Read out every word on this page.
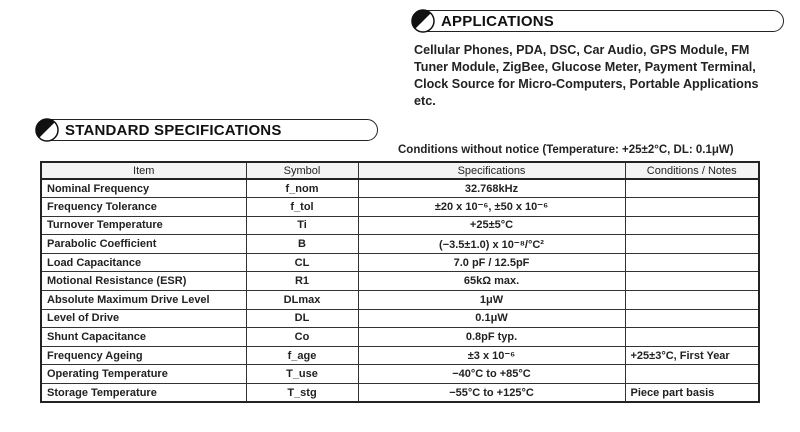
APPLICATIONS
Cellular Phones, PDA, DSC, Car Audio, GPS Module, FM Tuner Module, ZigBee, Glucose Meter, Payment Terminal, Clock Source for Micro-Computers, Portable Applications etc.
STANDARD SPECIFICATIONS
Conditions without notice (Temperature: +25±2°C, DL: 0.1μW)
Item	Symbol	Specifications	Conditions / Notes
Nominal Frequency	f_nom	32.768kHz	
Frequency Tolerance	f_tol	±20 x 10⁻⁶, ±50 x 10⁻⁶	
Turnover Temperature	Ti	+25±5°C	
Parabolic Coefficient	B	(−3.5±1.0) x 10⁻⁸/°C²	
Load Capacitance	CL	7.0 pF / 12.5pF	
Motional Resistance (ESR)	R1	65kΩ max.	
Absolute Maximum Drive Level	DLmax	1μW	
Level of Drive	DL	0.1μW	
Shunt Capacitance	Co	0.8pF typ.	
Frequency Ageing	f_age	±3 x 10⁻⁶	+25±3°C, First Year
Operating Temperature	T_use	−40°C to +85°C	
Storage Temperature	T_stg	−55°C to +125°C	Piece part basis
